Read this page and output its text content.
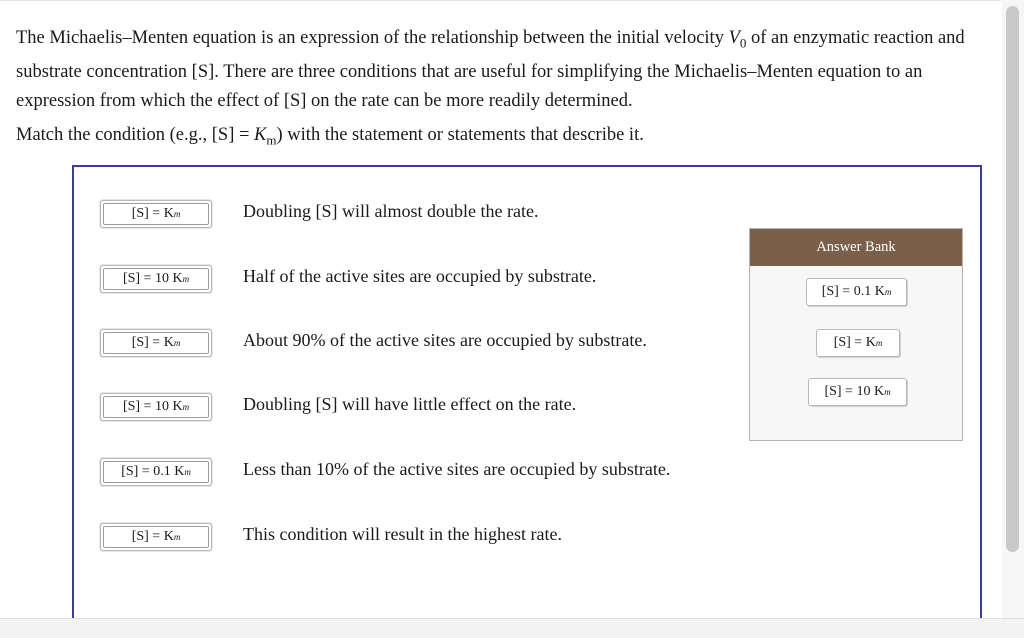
The Michaelis–Menten equation is an expression of the relationship between the initial velocity $V_0$ of an enzymatic reaction and substrate concentration [S]. There are three conditions that are useful for simplifying the Michaelis–Menten equation to an expression from which the effect of [S] on the rate can be more readily determined.

Match the condition (e.g., $[S] = K_m$) with the statement or statements that describe it.

[S] = K m	Doubling [S] will almost double the rate.
[S] = 10 K m	Half of the active sites are occupied by substrate.
[S] = K m	About 90% of the active sites are occupied by substrate.
[S] = 10 K m	Doubling [S] will have little effect on the rate.
[S] = 0.1 K m	Less than 10% of the active sites are occupied by substrate.
[S] = K m	This condition will result in the highest rate.
Answer Bank
[S] = 0.1 K m
[S] = K m
[S] = 10 K m
